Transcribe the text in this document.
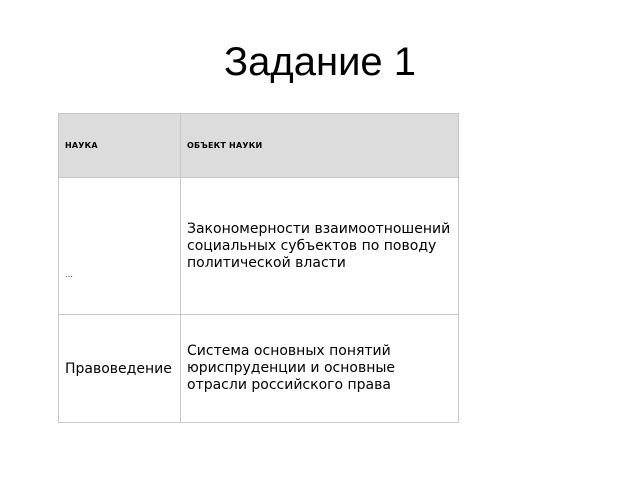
Задание 1
НАУКА	ОБЪЕКТ НАУКИ

…	Закономерности взаимоотношений социальных субъектов по поводу политической власти

Правоведение	Система основных понятий юриспруденции и основные отрасли российского права
